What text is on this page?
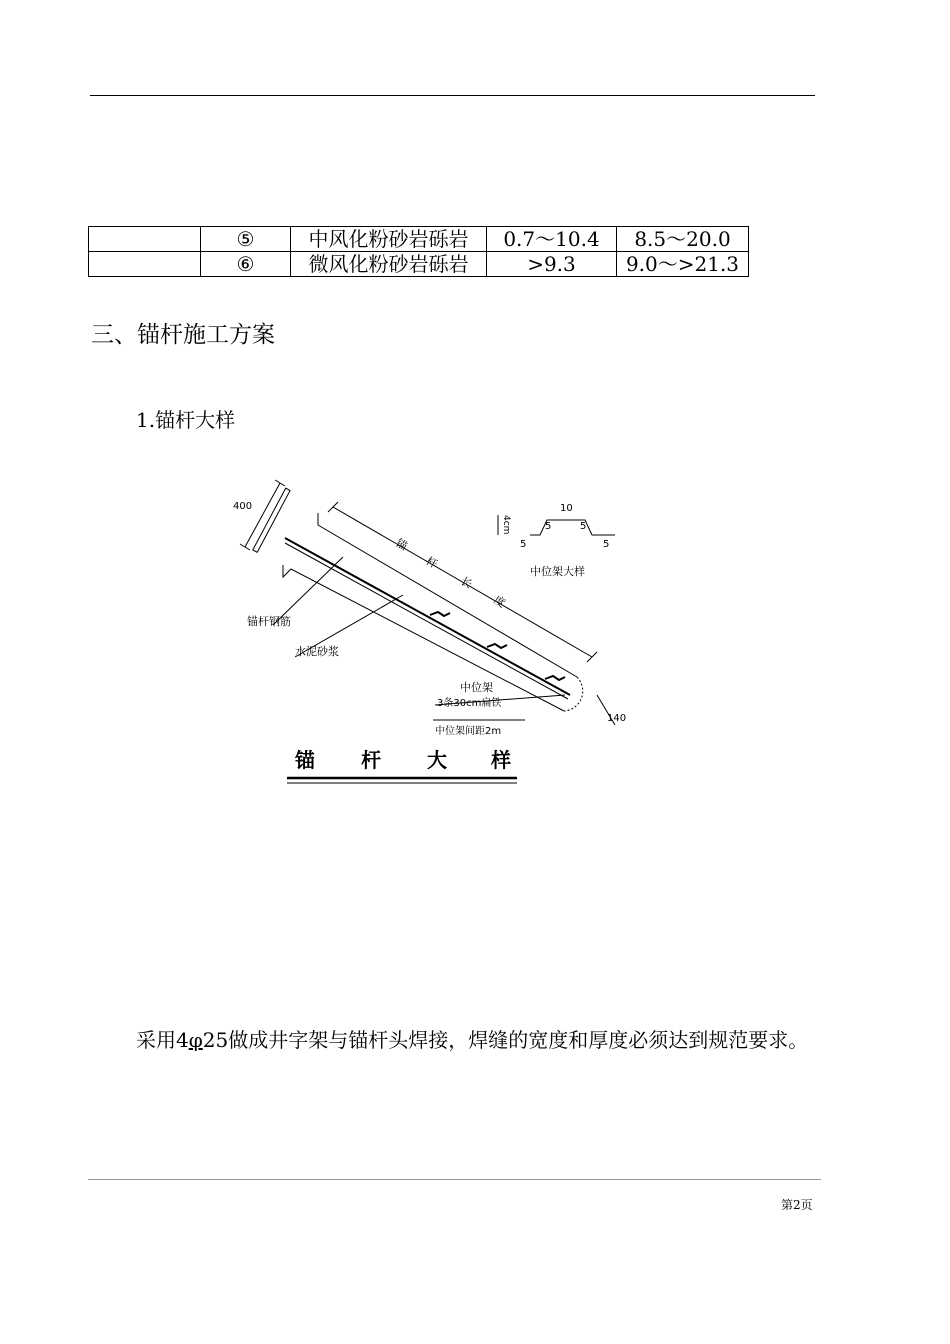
	⑤	中风化粉砂岩砾岩	0.7～10.4	8.5～20.0
	⑥	微风化粉砂岩砾岩	>9.3	9.0～>21.3
三、锚杆施工方案
1.锚杆大样
400
140
锚
杆
长
度
锚杆钢筋
水泥砂浆
中位架
3条30cm扁铁
中位架间距2m
中位架大样
10
5	5
5	5
4cm
锚 杆 大 样
采用4φ25做成井字架与锚杆头焊接，焊缝的宽度和厚度必须达到规范要求。
第2页
